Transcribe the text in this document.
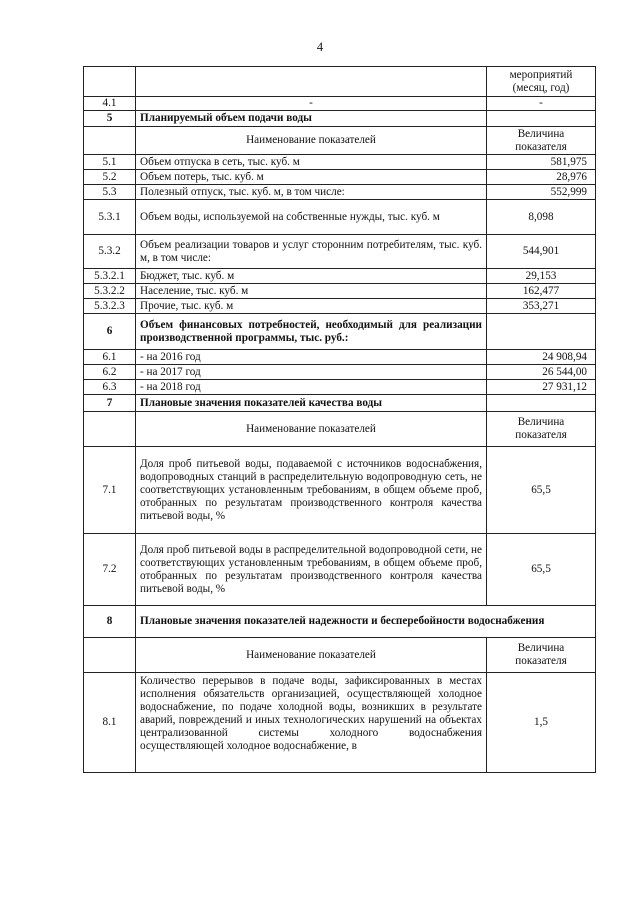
4
		мероприятий (месяц, год)
4.1	-	-
5	Планируемый объем подачи воды	
	Наименование показателей	Величина показателя
5.1	Объем отпуска в сеть, тыс. куб. м	581,975
5.2	Объем потерь, тыс. куб. м	28,976
5.3	Полезный отпуск, тыс. куб. м, в том числе:	552,999
5.3.1	Объем воды, используемой на собственные нужды, тыс. куб. м	8,098
5.3.2	Объем реализации товаров и услуг сторонним потребителям, тыс. куб. м, в том числе:	544,901
5.3.2.1	Бюджет, тыс. куб. м	29,153
5.3.2.2	Население, тыс. куб. м	162,477
5.3.2.3	Прочие, тыс. куб. м	353,271
6	Объем финансовых потребностей, необходимый для реализации производственной программы, тыс. руб.:	
6.1	- на 2016 год	24 908,94
6.2	- на 2017 год	26 544,00
6.3	- на 2018 год	27 931,12
7	Плановые значения показателей качества воды	
	Наименование показателей	Величина показателя
7.1	Доля проб питьевой воды, подаваемой с источников водоснабжения, водопроводных станций в распределительную водопроводную сеть, не соответствующих установленным требованиям, в общем объеме проб, отобранных по результатам производственного контроля качества питьевой воды, %	65,5
7.2	Доля проб питьевой воды в распределительной водопроводной сети, не соответствующих установленным требованиям, в общем объеме проб, отобранных по результатам производственного контроля качества питьевой воды, %	65,5
8	Плановые значения показателей надежности и бесперебойности водоснабжения	
	Наименование показателей	Величина показателя
8.1	Количество перерывов в подаче воды, зафиксированных в местах исполнения обязательств организацией, осуществляющей холодное водоснабжение, по подаче холодной воды, возникших в результате аварий, повреждений и иных технологических нарушений на объектах централизованной системы холодного водоснабжения осуществляющей холодное водоснабжение, в	1,5
